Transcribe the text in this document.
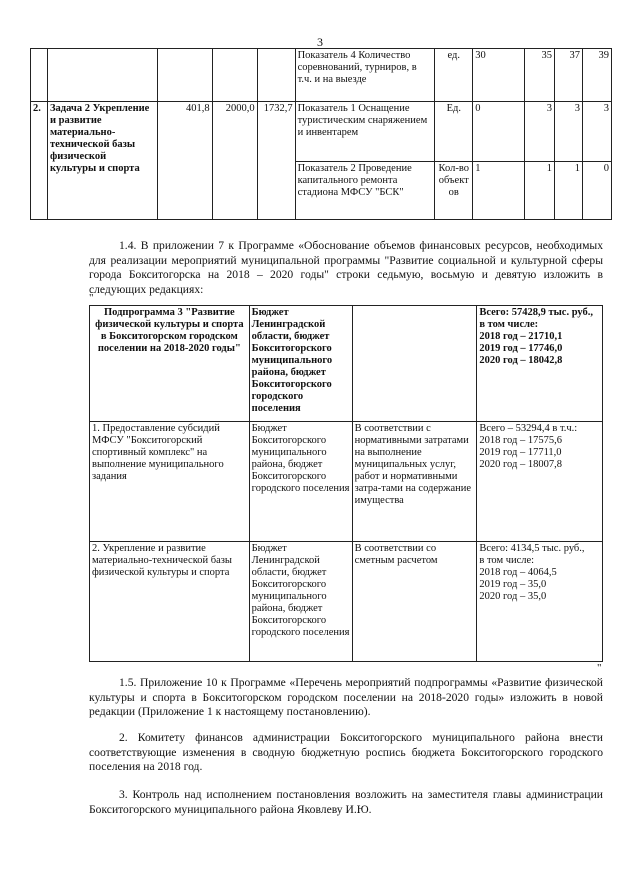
3
					Показатель 4 Количество соревнований, турниров, в т.ч. и на выезде	ед.	30	35	37	39
2.	Задача 2 Укрепление и развитие материально-технической базы физической культуры и спорта	401,8	2000,0	1732,7	Показатель 1 Оснащение туристическим снаряжением и инвентарем	Ед.	0	3	3	3
					Показатель 2 Проведение капитального ремонта стадиона МФСУ "БСК"	Кол-во объект ов	1	1	1	0
1.4. В приложении 7 к Программе «Обоснование объемов финансовых ресурсов, необходимых для реализации мероприятий муниципальной программы "Развитие социальной и культурной сферы города Бокситогорска на 2018 – 2020 годы" строки седьмую, восьмую и девятую изложить в следующих редакциях:
"
Подпрограмма 3 "Развитие физической культуры и спорта в Бокситогорском городском поселении на 2018-2020 годы"	Бюджет Ленинградской области, бюджет Бокситогорского муниципального района, бюджет Бокситогорского городского поселения		Всего: 57428,9 тыс. руб.,
в том числе:
2018 год – 21710,1
2019 год – 17746,0
2020 год – 18042,8

1. Предоставление субсидий МФСУ "Бокситогорский спортивный комплекс" на выполнение муниципального задания	Бюджет Бокситогорского муниципального района, бюджет Бокситогорского городского поселения	В соответствии с нормативными затратами на выполнение муниципальных услуг, работ и нормативными затра-тами на содержание имущества	Всего – 53294,4 в т.ч.:
2018 год – 17575,6
2019 год – 17711,0
2020 год – 18007,8

2. Укрепление и развитие материально-технической базы физической культуры и спорта	Бюджет Ленинградской области, бюджет Бокситогорского муниципального района, бюджет Бокситогорского городского поселения	В соответствии со сметным расчетом	Всего: 4134,5 тыс. руб.,
в том числе:
2018 год – 4064,5
2019 год – 35,0
2020 год – 35,0
"
1.5. Приложение 10 к Программе «Перечень мероприятий подпрограммы «Развитие физической культуры и спорта в Бокситогорском городском поселении на 2018-2020 годы» изложить в новой редакции (Приложение 1 к настоящему постановлению).
2. Комитету финансов администрации Бокситогорского муниципального района внести соответствующие изменения в сводную бюджетную роспись бюджета Бокситогорского городского поселения на 2018 год.
3. Контроль над исполнением постановления возложить на заместителя главы администрации Бокситогорского муниципального района Яковлеву И.Ю.
